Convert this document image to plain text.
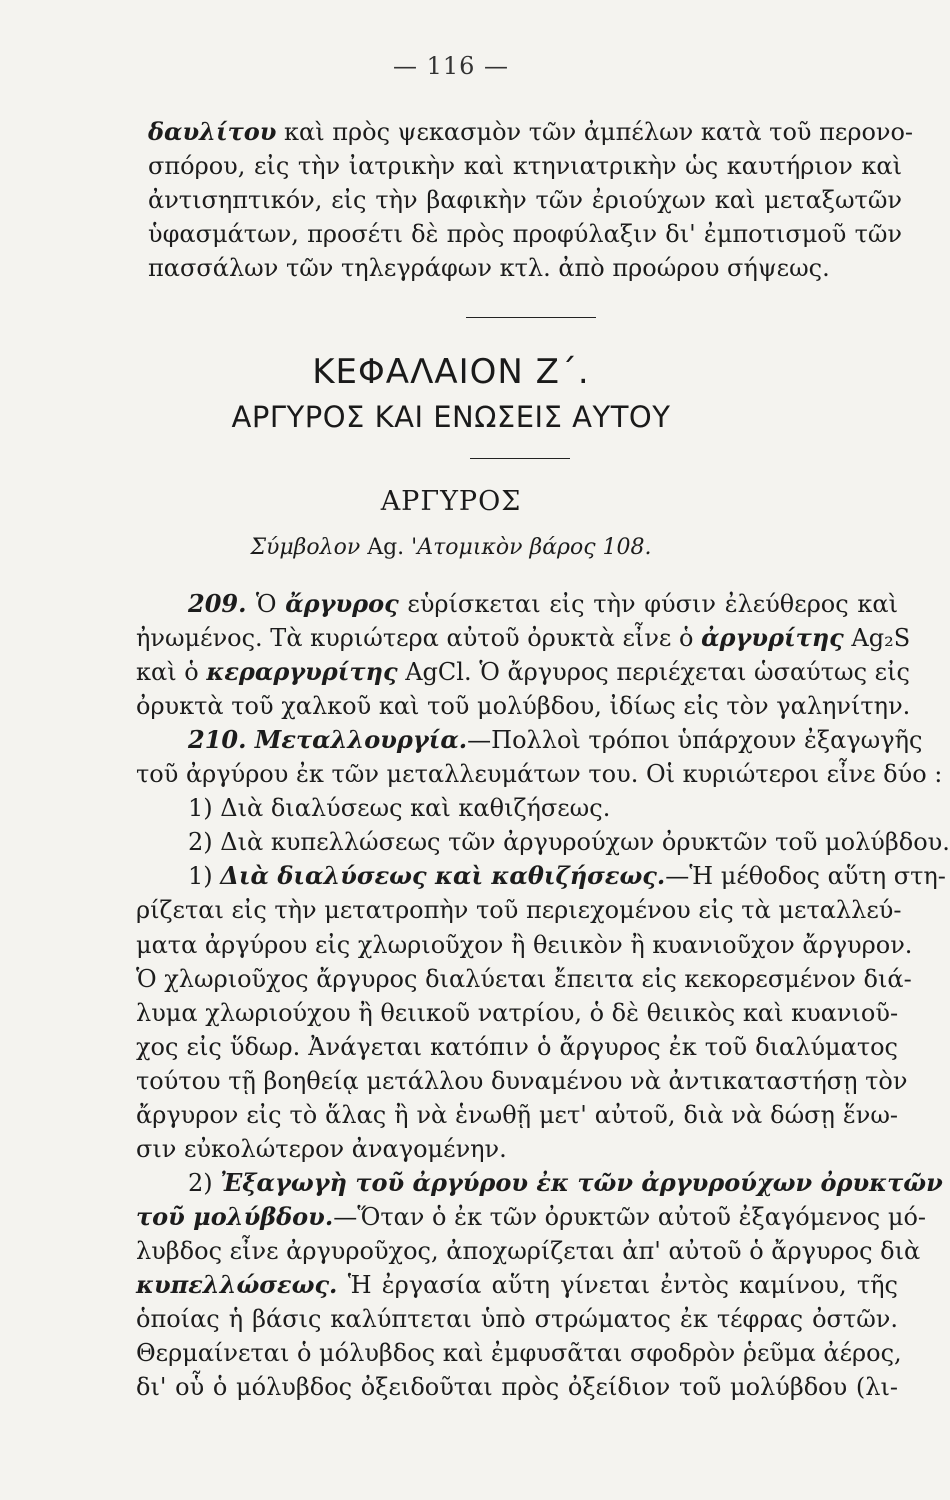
— 116 —

δαυλίτου καὶ πρὸς ψεκασμὸν τῶν ἀμπέλων κατὰ τοῦ περονο-

σπόρου, εἰς τὴν ἰατρικὴν καὶ κτηνιατρικὴν ὡς καυτήριον καὶ

ἀντισηπτικόν, εἰς τὴν βαφικὴν τῶν ἐριούχων καὶ μεταξωτῶν

ὑφασμάτων, προσέτι δὲ πρὸς προφύλαξιν δι' ἐμποτισμοῦ τῶν

πασσάλων τῶν τηλεγράφων κτλ. ἀπὸ προώρου σήψεως.

ΚΕΦΑΛΑΙΟΝ Ζ΄.
ΑΡΓΥΡΟΣ ΚΑΙ ΕΝΩΣΕΙΣ ΑΥΤΟΥ
ΑΡΓΥΡΟΣ
Σύμβολον Ag. 'Ατομικὸν βάρος 108.

209. Ὁ ἄργυρος εὑρίσκεται εἰς τὴν φύσιν ἐλεύθερος καὶ

ἠνωμένος. Τὰ κυριώτερα αὐτοῦ ὀρυκτὰ εἶνε ὁ ἀργυρίτης Ag₂S

καὶ ὁ κεραργυρίτης AgCl. Ὁ ἄργυρος περιέχεται ὡσαύτως εἰς

ὀρυκτὰ τοῦ χαλκοῦ καὶ τοῦ μολύβδου, ἰδίως εἰς τὸν γαληνίτην.

210. Μεταλλουργία.—Πολλοὶ τρόποι ὑπάρχουν ἐξαγωγῆς

τοῦ ἀργύρου ἐκ τῶν μεταλλευμάτων του. Οἱ κυριώτεροι εἶνε δύο :

1) Διὰ διαλύσεως καὶ καθιζήσεως.

2) Διὰ κυπελλώσεως τῶν ἀργυρούχων ὀρυκτῶν τοῦ μολύβδου.

1) Διὰ διαλύσεως καὶ καθιζήσεως.—Ἡ μέθοδος αὕτη στη-

ρίζεται εἰς τὴν μετατροπὴν τοῦ περιεχομένου εἰς τὰ μεταλλεύ-

ματα ἀργύρου εἰς χλωριοῦχον ἢ θειικὸν ἢ κυανιοῦχον ἄργυρον.

Ὁ χλωριοῦχος ἄργυρος διαλύεται ἔπειτα εἰς κεκορεσμένον διά-

λυμα χλωριούχου ἢ θειικοῦ νατρίου, ὁ δὲ θειικὸς καὶ κυανιοῦ-

χος εἰς ὕδωρ. Ἀνάγεται κατόπιν ὁ ἄργυρος ἐκ τοῦ διαλύματος

τούτου τῇ βοηθείᾳ μετάλλου δυναμένου νὰ ἀντικαταστήσῃ τὸν

ἄργυρον εἰς τὸ ἅλας ἢ νὰ ἑνωθῇ μετ' αὐτοῦ, διὰ νὰ δώσῃ ἕνω-

σιν εὐκολώτερον ἀναγομένην.

2) Ἐξαγωγὴ τοῦ ἀργύρου ἐκ τῶν ἀργυρούχων ὀρυκτῶν

τοῦ μολύβδου.—Ὅταν ὁ ἐκ τῶν ὀρυκτῶν αὐτοῦ ἐξαγόμενος μό-

λυβδος εἶνε ἀργυροῦχος, ἀποχωρίζεται ἀπ' αὐτοῦ ὁ ἄργυρος διὰ

κυπελλώσεως. Ἡ ἐργασία αὕτη γίνεται ἐντὸς καμίνου, τῆς

ὁποίας ἡ βάσις καλύπτεται ὑπὸ στρώματος ἐκ τέφρας ὀστῶν.

Θερμαίνεται ὁ μόλυβδος καὶ ἐμφυσᾶται σφοδρὸν ῥεῦμα ἀέρος,

δι' οὗ ὁ μόλυβδος ὀξειδοῦται πρὸς ὀξείδιον τοῦ μολύβδου (λι-
